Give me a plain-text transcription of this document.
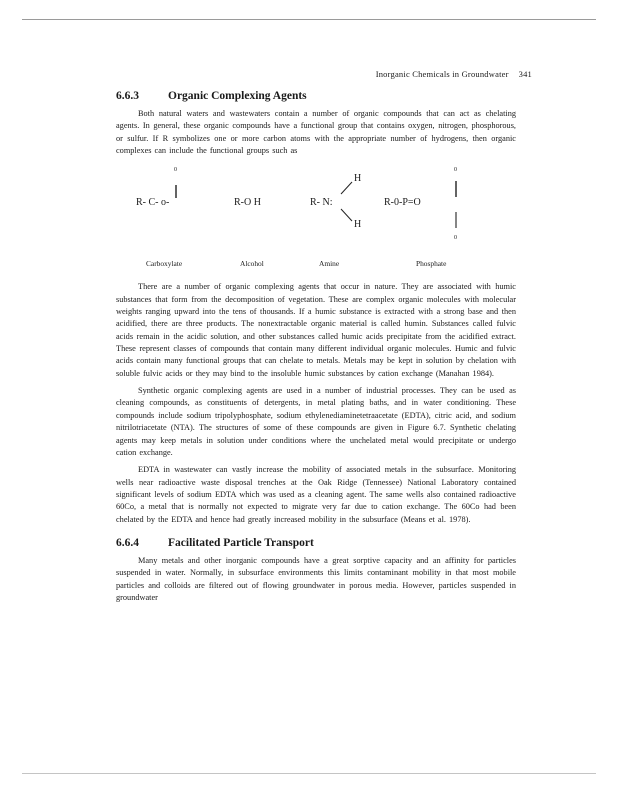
Inorganic Chemicals in Groundwater 341
6.6.3	Organic Complexing Agents

Both natural waters and wastewaters contain a number of organic compounds that can act as chelating agents. In general, these organic compounds have a functional group that contains oxygen, nitrogen, phosphorous, or sulfur. If R symbolizes one or more carbon atoms with the appropriate number of hydrogens, then organic complexes can include the functional groups such as

0
R- C- o-	R-O H
H
R- N:
H
0
R-0-P=O
0
Carboxylate	Alcohol	Amine	Phosphate

There are a number of organic complexing agents that occur in nature. They are associated with humic substances that form from the decomposition of vegetation. These are complex organic molecules with molecular weights ranging upward into the tens of thousands. If a humic substance is extracted with a strong base and then acidified, there are three products. The nonextractable organic material is called humin. Substances called fulvic acids remain in the acidic solution, and other substances called humic acids precipitate from the acidified extract. These represent classes of compounds that contain many different individual organic molecules. Humic and fulvic acids contain many functional groups that can chelate to metals. Metals may be kept in solution by chelation with soluble fulvic acids or they may bind to the insoluble humic substances by cation exchange (Manahan 1984).

Synthetic organic complexing agents are used in a number of industrial processes. They can be used as cleaning compounds, as constituents of detergents, in metal plating baths, and in water conditioning. These compounds include sodium tripolyphosphate, sodium ethylenediaminetetraacetate (EDTA), citric acid, and sodium nitrilotriacetate (NTA). The structures of some of these compounds are given in Figure 6.7. Synthetic chelating agents may keep metals in solution under conditions where the unchelated metal would precipitate or undergo cation exchange.

EDTA in wastewater can vastly increase the mobility of associated metals in the subsurface. Monitoring wells near radioactive waste disposal trenches at the Oak Ridge (Tennessee) National Laboratory contained significant levels of sodium EDTA which was used as a cleaning agent. The same wells also contained radioactive 60Co, a metal that is normally not expected to migrate very far due to cation exchange. The 60Co had been chelated by the EDTA and hence had greatly increased mobility in the subsurface (Means et al. 1978).

6.6.4	Facilitated Particle Transport

Many metals and other inorganic compounds have a great sorptive capacity and an affinity for particles suspended in water. Normally, in subsurface environments this limits contaminant mobility in that most mobile particles and colloids are filtered out of flowing groundwater in porous media. However, particles suspended in groundwater
